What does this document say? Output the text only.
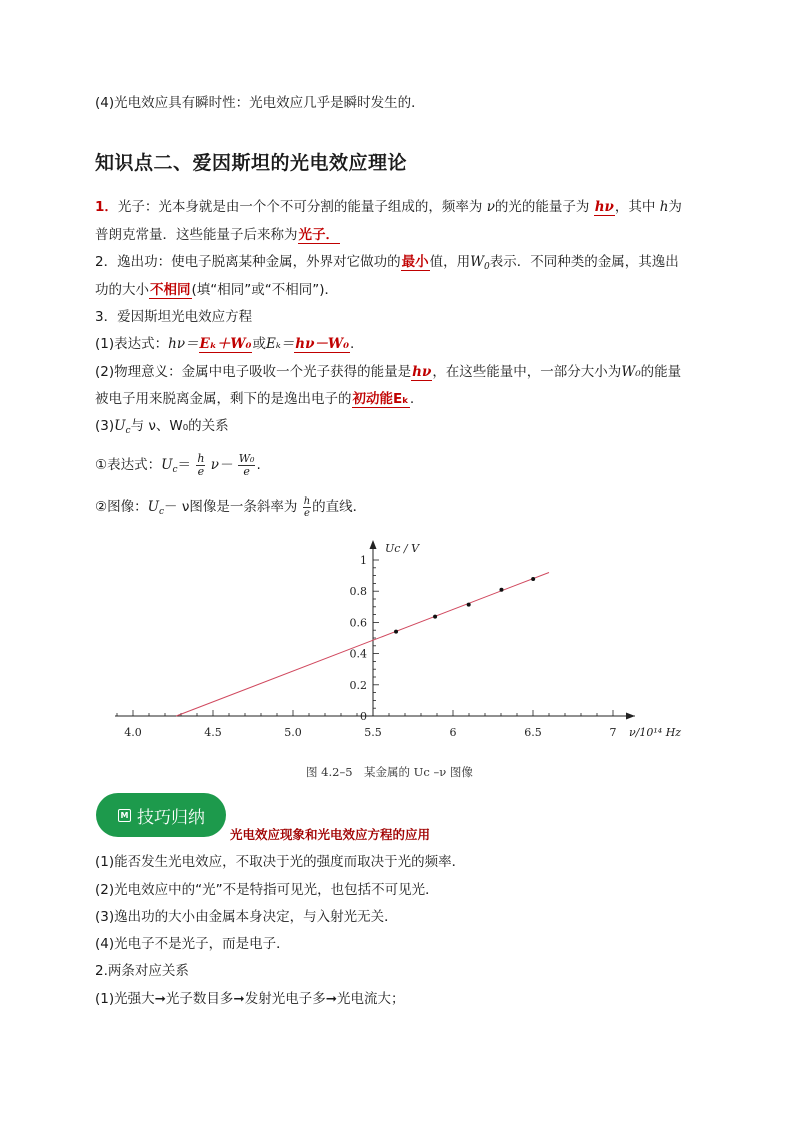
(4)光电效应具有瞬时性：光电效应几乎是瞬时发生的．
知识点二、爱因斯坦的光电效应理论
1．光子：光本身就是由一个个不可分割的能量子组成的，频率为 ν的光的能量子为 hν，其中 h为
普朗克常量．这些能量子后来称为光子．
2．逸出功：使电子脱离某种金属，外界对它做功的最小值，用$W_0$表示．不同种类的金属，其逸出
功的大小不相同(填“相同”或“不相同”)．
3．爱因斯坦光电效应方程
(1)表达式：hν＝Eₖ＋W₀或Eₖ＝hν－W₀.
(2)物理意义：金属中电子吸收一个光子获得的能量是hν，在这些能量中，一部分大小为W₀的能量
被电子用来脱离金属，剩下的是逸出电子的初动能Eₖ.
$(3)U_c$与 ν、W₀的关系
①表达式：$U_c= \frac{h}{e} \nu- \frac{\text{W₀}}{e}$ .
②图像：$U_c- \nu$图像是一条斜率为 $\frac{h}{e}$ 的直线．
4.0	4.5	5.0	5.5	6	6.5	7
0
0.2
0.4
0.6
0.8
1
ν/10¹⁴ Hz
Uc / V
图 4.2–5　某金属的 Uc –ν 图像
M 技巧归纳
光电效应现象和光电效应方程的应用
(1)能否发生光电效应，不取决于光的强度而取决于光的频率．
(2)光电效应中的“光”不是特指可见光，也包括不可见光．
(3)逸出功的大小由金属本身决定，与入射光无关．
(4)光电子不是光子，而是电子．
2.两条对应关系
(1)光强大➞光子数目多➞发射光电子多➞光电流大；
